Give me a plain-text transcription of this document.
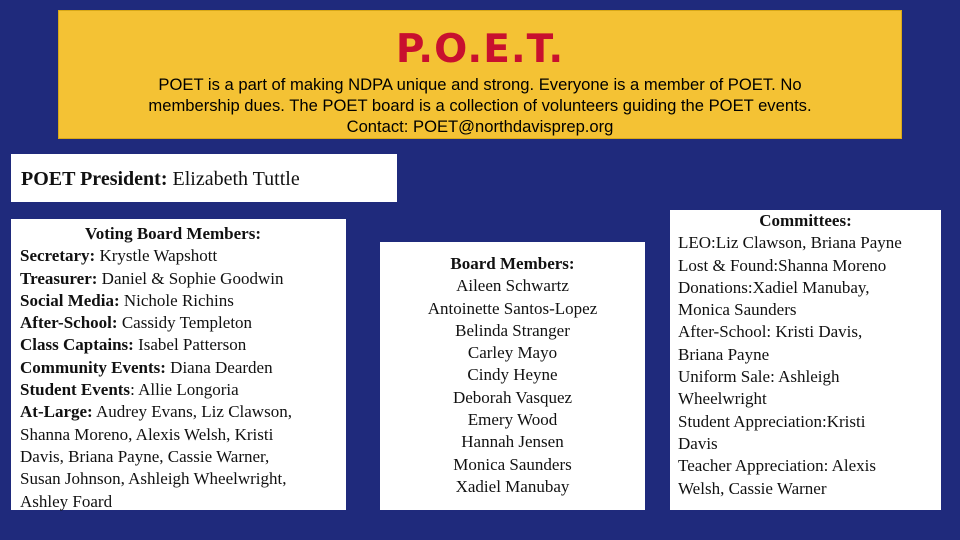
P.O.E.T.
POET is a part of making NDPA unique and strong. Everyone is a member of POET. No
membership dues. The POET board is a collection of volunteers guiding the POET events.
Contact: POET@northdavisprep.org
POET President: Elizabeth Tuttle
Voting Board Members:
Secretary: Krystle Wapshott
Treasurer: Daniel & Sophie Goodwin
Social Media: Nichole Richins
After-School: Cassidy Templeton
Class Captains: Isabel Patterson
Community Events: Diana Dearden
Student Events: Allie Longoria
At-Large: Audrey Evans, Liz Clawson,
Shanna Moreno, Alexis Welsh, Kristi
Davis, Briana Payne, Cassie Warner,
Susan Johnson, Ashleigh Wheelwright,
Ashley Foard
Board Members:
Aileen Schwartz
Antoinette Santos-Lopez
Belinda Stranger
Carley Mayo
Cindy Heyne
Deborah Vasquez
Emery Wood
Hannah Jensen
Monica Saunders
Xadiel Manubay
Committees:
LEO:Liz Clawson, Briana Payne
Lost & Found:Shanna Moreno
Donations:Xadiel Manubay,
Monica Saunders
After-School: Kristi Davis,
Briana Payne
Uniform Sale: Ashleigh
Wheelwright
Student Appreciation:Kristi
Davis
Teacher Appreciation: Alexis
Welsh, Cassie Warner
